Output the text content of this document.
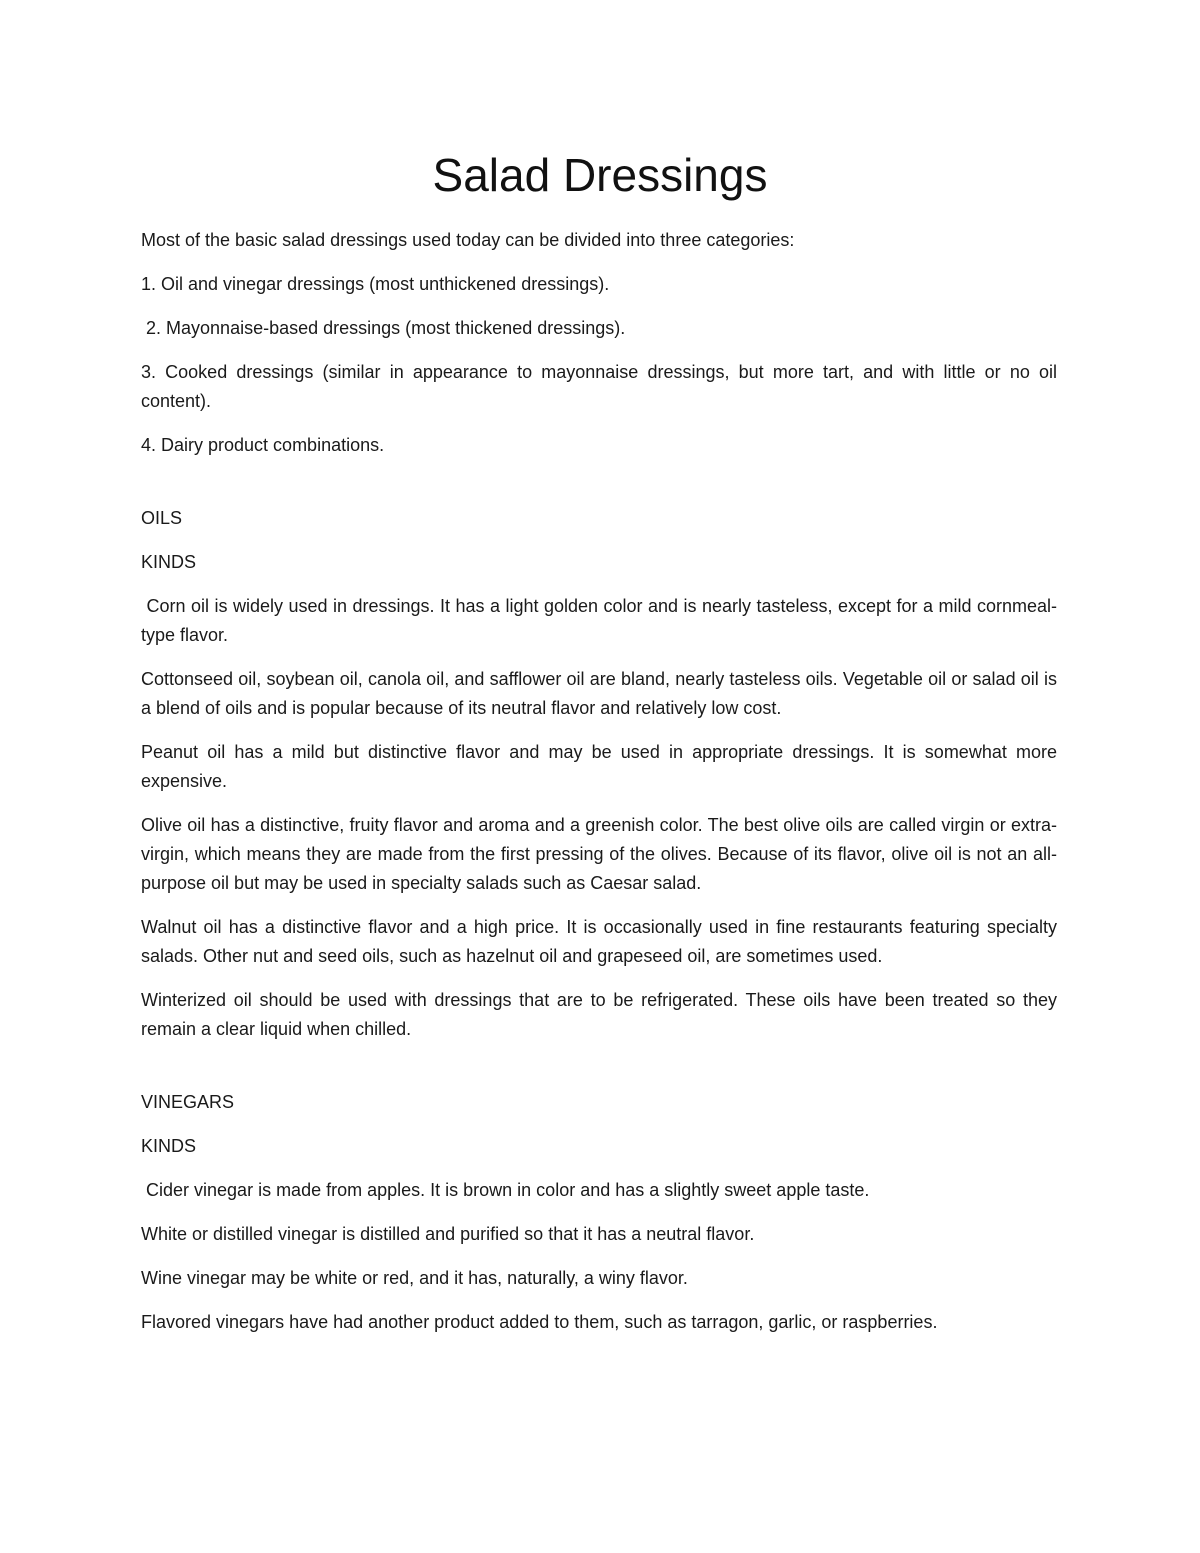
Salad Dressings

Most of the basic salad dressings used today can be divided into three categories:

1. Oil and vinegar dressings (most unthickened dressings).

2. Mayonnaise-based dressings (most thickened dressings).

3. Cooked dressings (similar in appearance to mayonnaise dressings, but more tart, and with little or no oil content).

4. Dairy product combinations.

OILS

KINDS

Corn oil is widely used in dressings. It has a light golden color and is nearly tasteless, except for a mild cornmeal-type flavor.

Cottonseed oil, soybean oil, canola oil, and safflower oil are bland, nearly tasteless oils. Vegetable oil or salad oil is a blend of oils and is popular because of its neutral flavor and relatively low cost.

Peanut oil has a mild but distinctive flavor and may be used in appropriate dressings. It is somewhat more expensive.

Olive oil has a distinctive, fruity flavor and aroma and a greenish color. The best olive oils are called virgin or extra-virgin, which means they are made from the first pressing of the olives. Because of its flavor, olive oil is not an all-purpose oil but may be used in specialty salads such as Caesar salad.

Walnut oil has a distinctive flavor and a high price. It is occasionally used in fine restaurants featuring specialty salads. Other nut and seed oils, such as hazelnut oil and grapeseed oil, are sometimes used.

Winterized oil should be used with dressings that are to be refrigerated. These oils have been treated so they remain a clear liquid when chilled.

VINEGARS

KINDS

Cider vinegar is made from apples. It is brown in color and has a slightly sweet apple taste.

White or distilled vinegar is distilled and purified so that it has a neutral flavor.

Wine vinegar may be white or red, and it has, naturally, a winy flavor.

Flavored vinegars have had another product added to them, such as tarragon, garlic, or raspberries.
